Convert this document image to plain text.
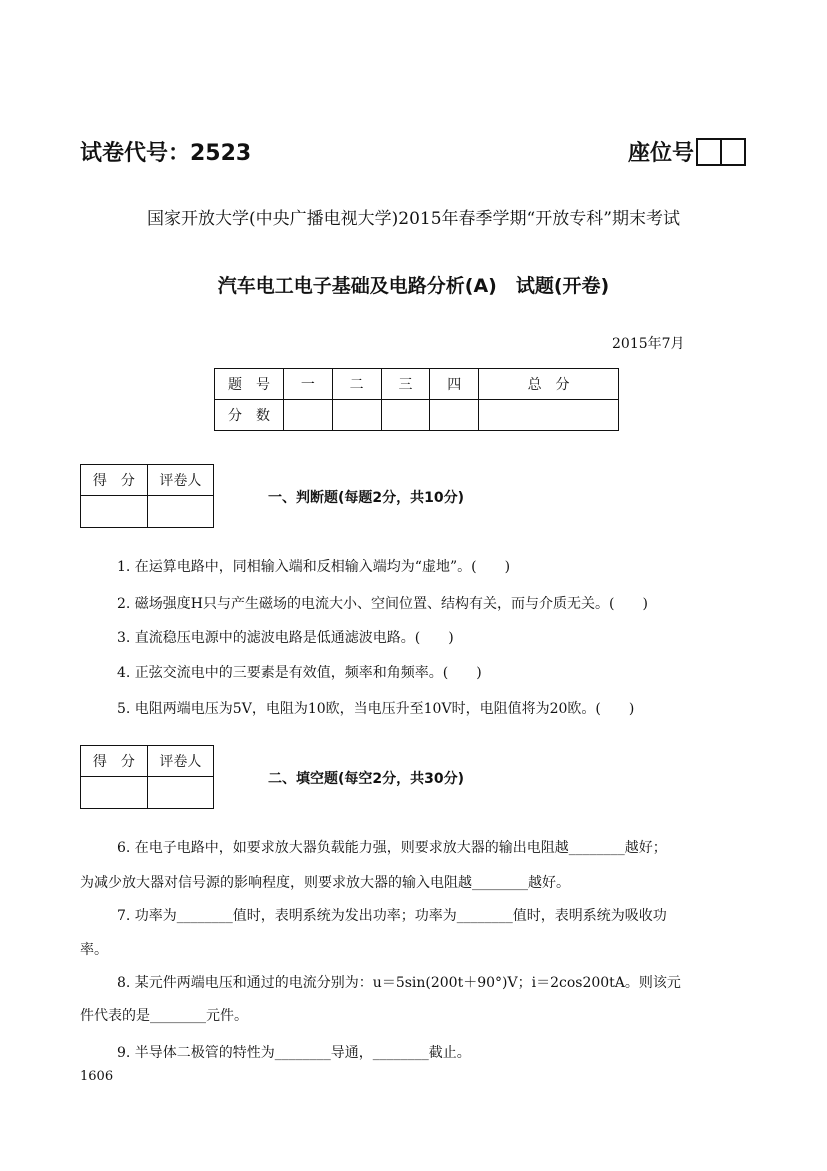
试卷代号：2523	座位号
国家开放大学(中央广播电视大学)2015年春季学期“开放专科”期末考试
汽车电工电子基础及电路分析(A)　试题(开卷)
2015年7月
题　号	一	二	三	四	总　分
分　数					
得　分	评卷人

一、判断题(每题2分，共10分)
1. 在运算电路中，同相输入端和反相输入端均为“虚地”。(　　)
2. 磁场强度H只与产生磁场的电流大小、空间位置、结构有关，而与介质无关。(　　)
3. 直流稳压电源中的滤波电路是低通滤波电路。(　　)
4. 正弦交流电中的三要素是有效值，频率和角频率。(　　)
5. 电阻两端电压为5V，电阻为10欧，当电压升至10V时，电阻值将为20欧。(　　)
得　分	评卷人

二、填空题(每空2分，共30分)
6. 在电子电路中，如要求放大器负载能力强，则要求放大器的输出电阻越________越好；
为减少放大器对信号源的影响程度，则要求放大器的输入电阻越________越好。
7. 功率为________值时，表明系统为发出功率；功率为________值时，表明系统为吸收功
率。
8. 某元件两端电压和通过的电流分别为：u＝5sin(200t＋90°)V；i＝2cos200tA。则该元
件代表的是________元件。
9. 半导体二极管的特性为________导通，________截止。
1606
